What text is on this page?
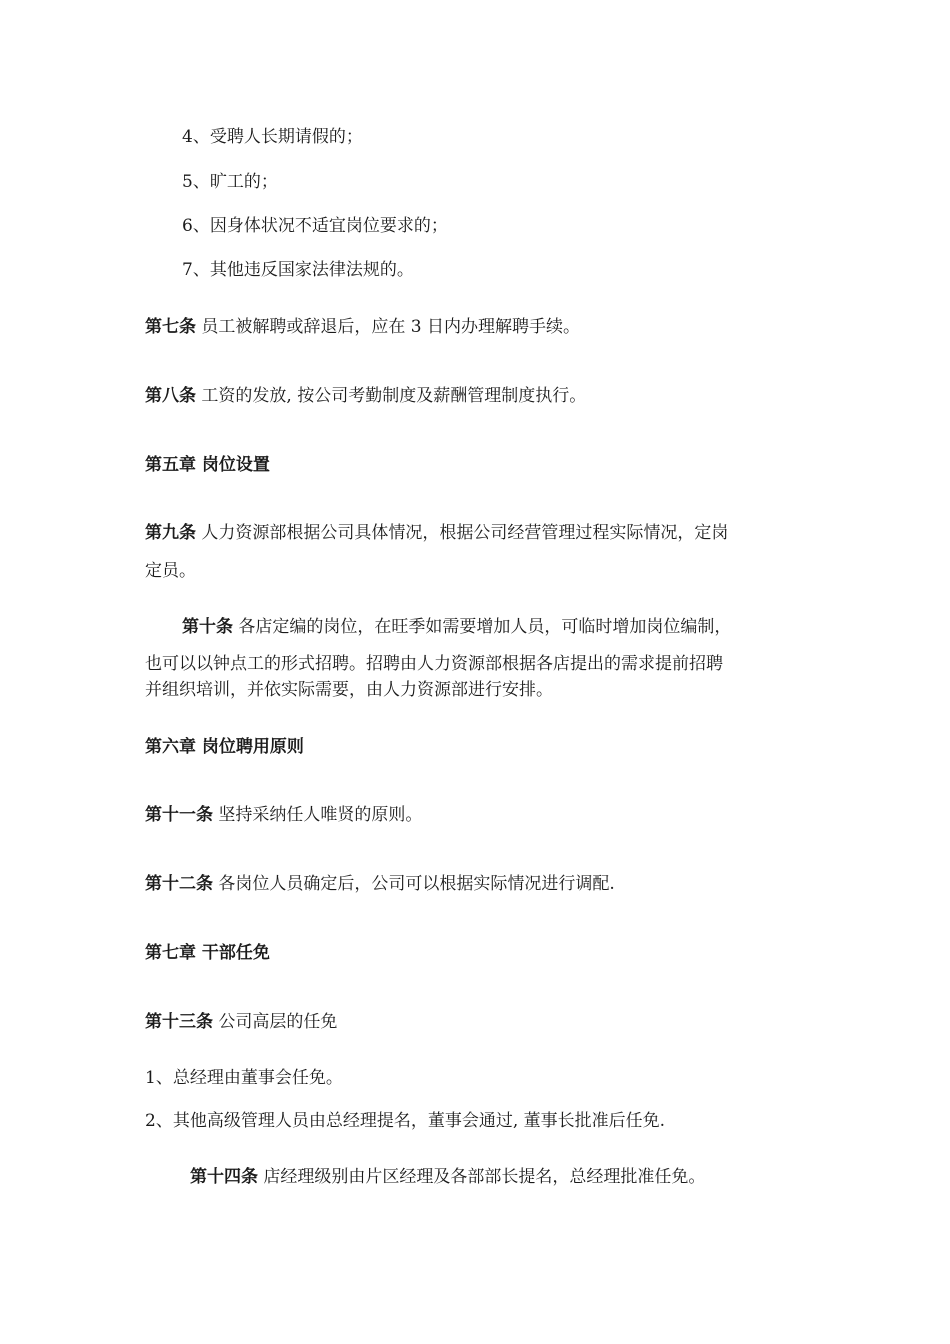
4、受聘人长期请假的；
5、旷工的；
6、因身体状况不适宜岗位要求的；
7、其他违反国家法律法规的。
第七条 员工被解聘或辞退后，应在 3 日内办理解聘手续。
第八条 工资的发放, 按公司考勤制度及薪酬管理制度执行。
第五章 岗位设置
第九条 人力资源部根据公司具体情况，根据公司经营管理过程实际情况，定岗
定员。
第十条 各店定编的岗位，在旺季如需要增加人员，可临时增加岗位编制，
也可以以钟点工的形式招聘。招聘由人力资源部根据各店提出的需求提前招聘
并组织培训，并依实际需要，由人力资源部进行安排。
第六章 岗位聘用原则
第十一条 坚持采纳任人唯贤的原则。
第十二条 各岗位人员确定后，公司可以根据实际情况进行调配.
第七章 干部任免
第十三条 公司高层的任免
1、总经理由董事会任免。
2、其他高级管理人员由总经理提名，董事会通过, 董事长批准后任免.
第十四条 店经理级别由片区经理及各部部长提名，总经理批准任免。
